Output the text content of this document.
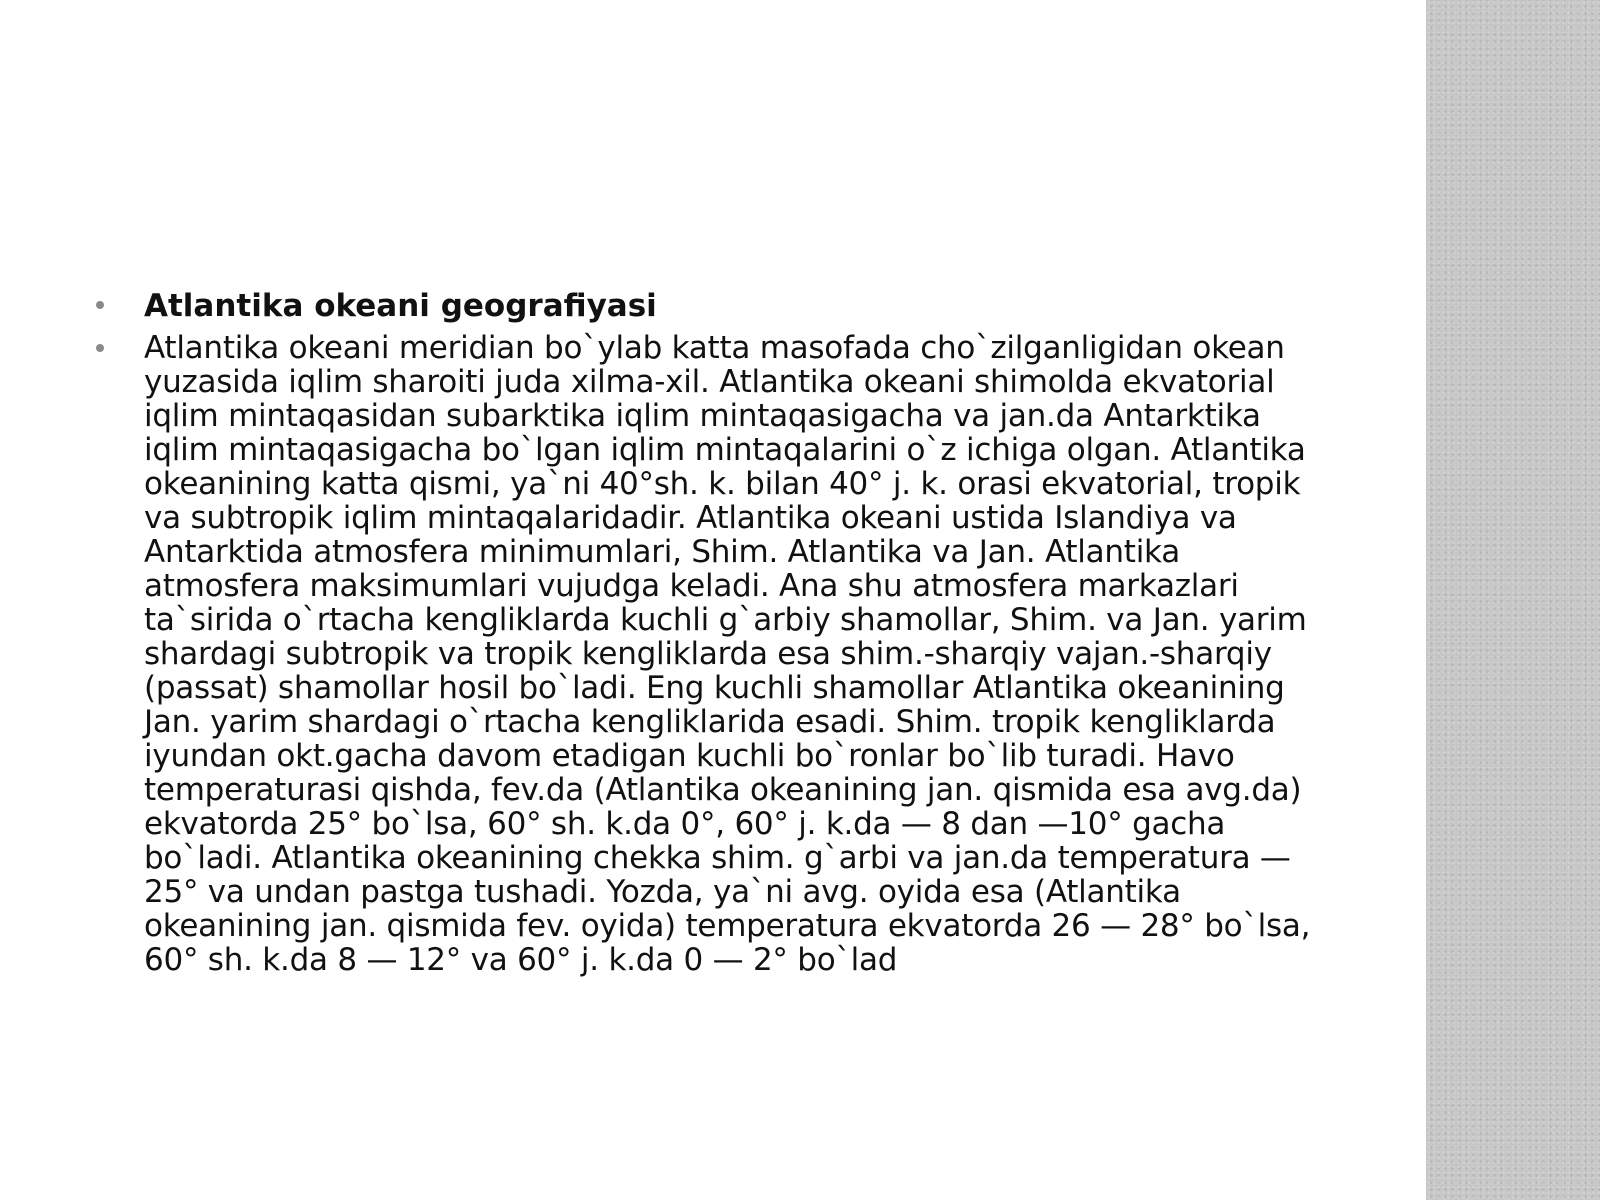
Atlantika okeani geografiyasi
Atlantika okeani meridian bo`ylab katta masofada cho`zilganligidan okean yuzasida iqlim sharoiti juda xilma-xil. Atlantika okeani shimolda ekvatorial iqlim mintaqasidan subarktika iqlim mintaqasigacha va jan.da Antarktika iqlim mintaqasigacha bo`lgan iqlim mintaqalarini o`z ichiga olgan. Atlantika okeanining katta qismi, ya`ni 40°sh. k. bilan 40° j. k. orasi ekvatorial, tropik va subtropik iqlim mintaqalaridadir. Atlantika okeani ustida Islandiya va Antarktida atmosfera minimumlari, Shim. Atlantika va Jan. Atlantika atmosfera maksimumlari vujudga keladi. Ana shu atmosfera markazlari ta`sirida o`rtacha kengliklarda kuchli g`arbiy shamollar, Shim. va Jan. yarim shardagi subtropik va tropik kengliklarda esa shim.-sharqiy vajan.-sharqiy (passat) shamollar hosil bo`ladi. Eng kuchli shamollar Atlantika okeanining Jan. yarim shardagi o`rtacha kengliklarida esadi. Shim. tropik kengliklarda iyundan okt.gacha davom etadigan kuchli bo`ronlar bo`lib turadi. Havo temperaturasi qishda, fev.da (Atlantika okeanining jan. qismida esa avg.da) ekvatorda 25° bo`lsa, 60° sh. k.da 0°, 60° j. k.da — 8 dan —10° gacha bo`ladi. Atlantika okeanining chekka shim. g`arbi va jan.da temperatura — 25° va undan pastga tushadi. Yozda, ya`ni avg. oyida esa (Atlantika okeanining jan. qismida fev. oyida) temperatura ekvatorda 26 — 28° bo`lsa, 60° sh. k.da 8 — 12° va 60° j. k.da 0 — 2° bo`lad
